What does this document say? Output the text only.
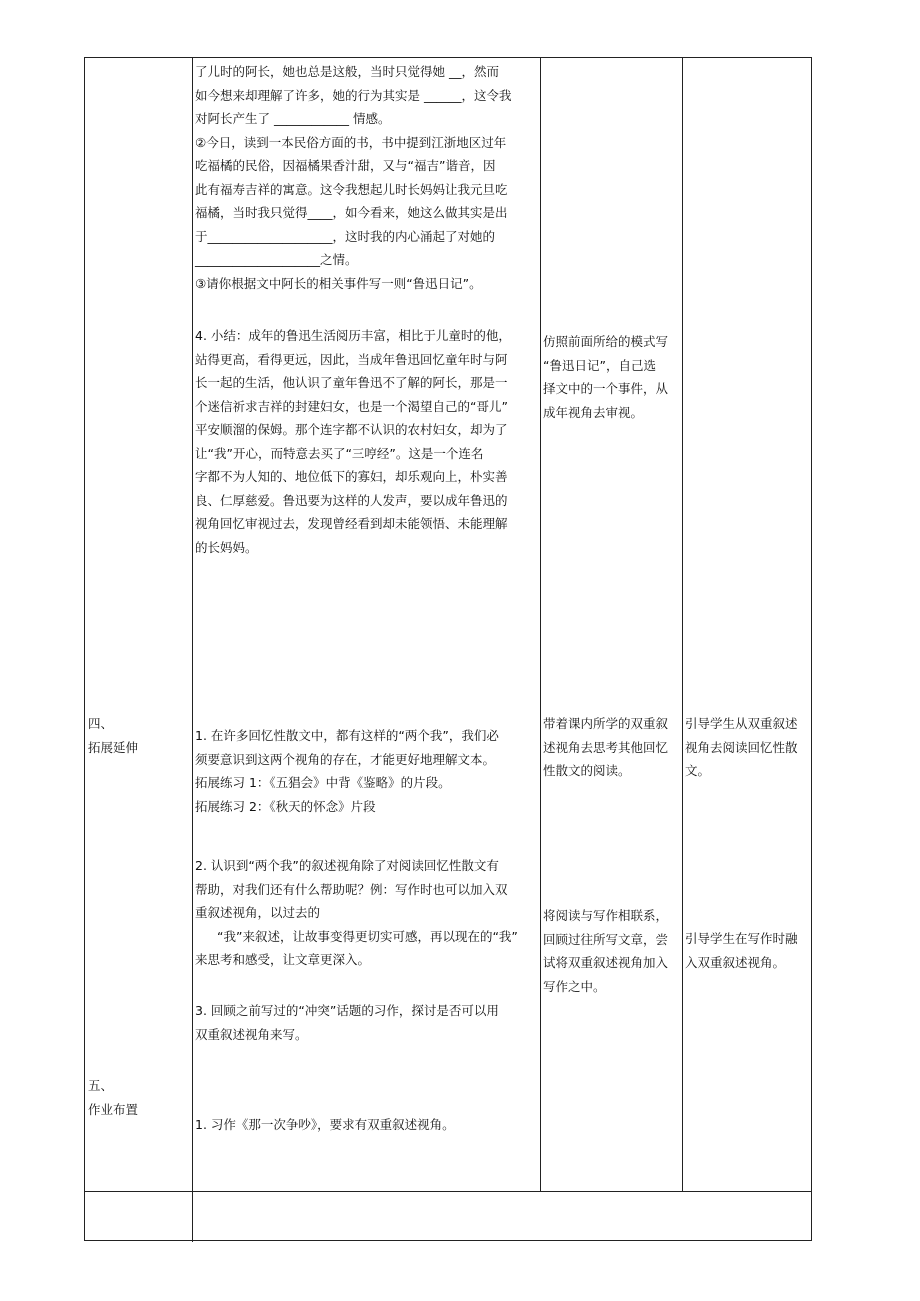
了儿时的阿长，她也总是这般，当时只觉得她 __，然而

如今想来却理解了许多，她的行为其实是 ______，这令我

对阿长产生了 ____________ 情感。

②今日，读到一本民俗方面的书，书中提到江浙地区过年

吃福橘的民俗，因福橘果香汁甜，又与“福吉”谐音，因

此有福寿吉祥的寓意。这令我想起儿时长妈妈让我元旦吃

福橘，当时我只觉得____，如今看来，她这么做其实是出

于____________________，这时我的内心涌起了对她的

____________________之情。

③请你根据文中阿长的相关事件写一则“鲁迅日记”。

4. 小结：成年的鲁迅生活阅历丰富，相比于儿童时的他，

站得更高，看得更远，因此，当成年鲁迅回忆童年时与阿

长一起的生活，他认识了童年鲁迅不了解的阿长，那是一

个迷信祈求吉祥的封建妇女，也是一个渴望自己的“哥儿”

平安顺溜的保姆。那个连字都不认识的农村妇女，却为了

让“我”开心，而特意去买了“三哼经”。这是一个连名

字都不为人知的、地位低下的寡妇，却乐观向上，朴实善

良、仁厚慈爱。鲁迅要为这样的人发声，要以成年鲁迅的

视角回忆审视过去，发现曾经看到却未能领悟、未能理解

的长妈妈。

1. 在许多回忆性散文中，都有这样的“两个我”，我们必

须要意识到这两个视角的存在，才能更好地理解文本。

拓展练习 1：《五猖会》中背《鉴略》的片段。

拓展练习 2：《秋天的怀念》片段

2. 认识到“两个我”的叙述视角除了对阅读回忆性散文有

帮助，对我们还有什么帮助呢？例：写作时也可以加入双

重叙述视角，以过去的

“我”来叙述，让故事变得更切实可感，再以现在的“我”

来思考和感受，让文章更深入。

3. 回顾之前写过的“冲突”话题的习作，探讨是否可以用

双重叙述视角来写。

1. 习作《那一次争吵》，要求有双重叙述视角。

四、

拓展延伸

五、

作业布置

仿照前面所给的模式写

“鲁迅日记”，自己选

择文中的一个事件，从

成年视角去审视。

带着课内所学的双重叙

述视角去思考其他回忆

性散文的阅读。

将阅读与写作相联系，

回顾过往所写文章，尝

试将双重叙述视角加入

写作之中。

引导学生从双重叙述

视角去阅读回忆性散

文。

引导学生在写作时融

入双重叙述视角。
